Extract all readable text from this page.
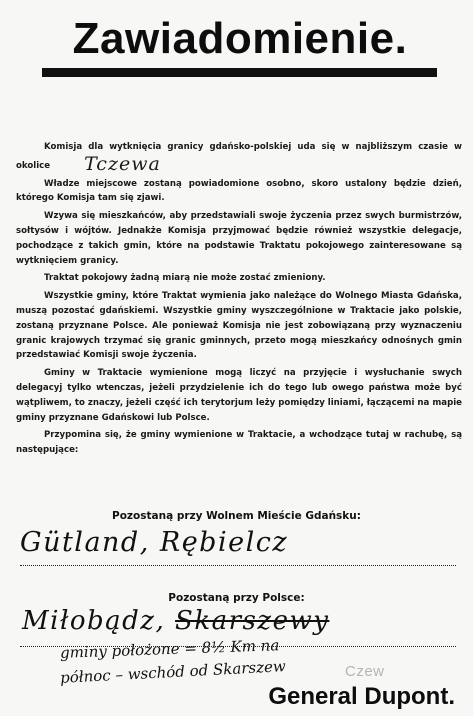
Zawiadomienie.

Komisja dla wytknięcia granicy gdańsko-polskiej uda się w najbliższym czasie w okolice Tczewa

Władze miejscowe zostaną powiadomione osobno, skoro ustalony będzie dzień, którego Komisja tam się zjawi.

Wzywa się mieszkańców, aby przedstawiali swoje życzenia przez swych burmistrzów, sołtysów i wójtów. Jednakże Komisja przyjmować będzie również wszystkie delegacje, pochodzące z takich gmin, które na podstawie Traktatu pokojowego zainteresowane są wytknięciem granicy.

Traktat pokojowy żadną miarą nie może zostać zmieniony.

Wszystkie gminy, które Traktat wymienia jako należące do Wolnego Miasta Gdańska, muszą pozostać gdańskiemi. Wszystkie gminy wyszczególnione w Traktacie jako polskie, zostaną przyznane Polsce. Ale ponieważ Komisja nie jest zobowiązaną przy wyznaczeniu granic krajowych trzymać się granic gminnych, przeto mogą mieszkańcy odnośnych gmin przedstawiać Komisji swoje życzenia.

Gminy w Traktacie wymienione mogą liczyć na przyjęcie i wysłuchanie swych delegacyj tylko wtenczas, jeżeli przydzielenie ich do tego lub owego państwa może być wątpliwem, to znaczy, jeżeli część ich terytorjum leży pomiędzy liniami, łączącemi na mapie gminy przyznane Gdańskowi lub Polsce.

Przypomina się, że gminy wymienione w Traktacie, a wchodzące tutaj w rachubę, są następujące:

Pozostaną przy Wolnem Mieście Gdańsku:
Gütland, Rębielcz
Pozostaną przy Polsce:
Miłobądz, Skarszewy
gminy położone = 8½ Km na
północ – wschód od Skarszew	Czew
General Dupont.
